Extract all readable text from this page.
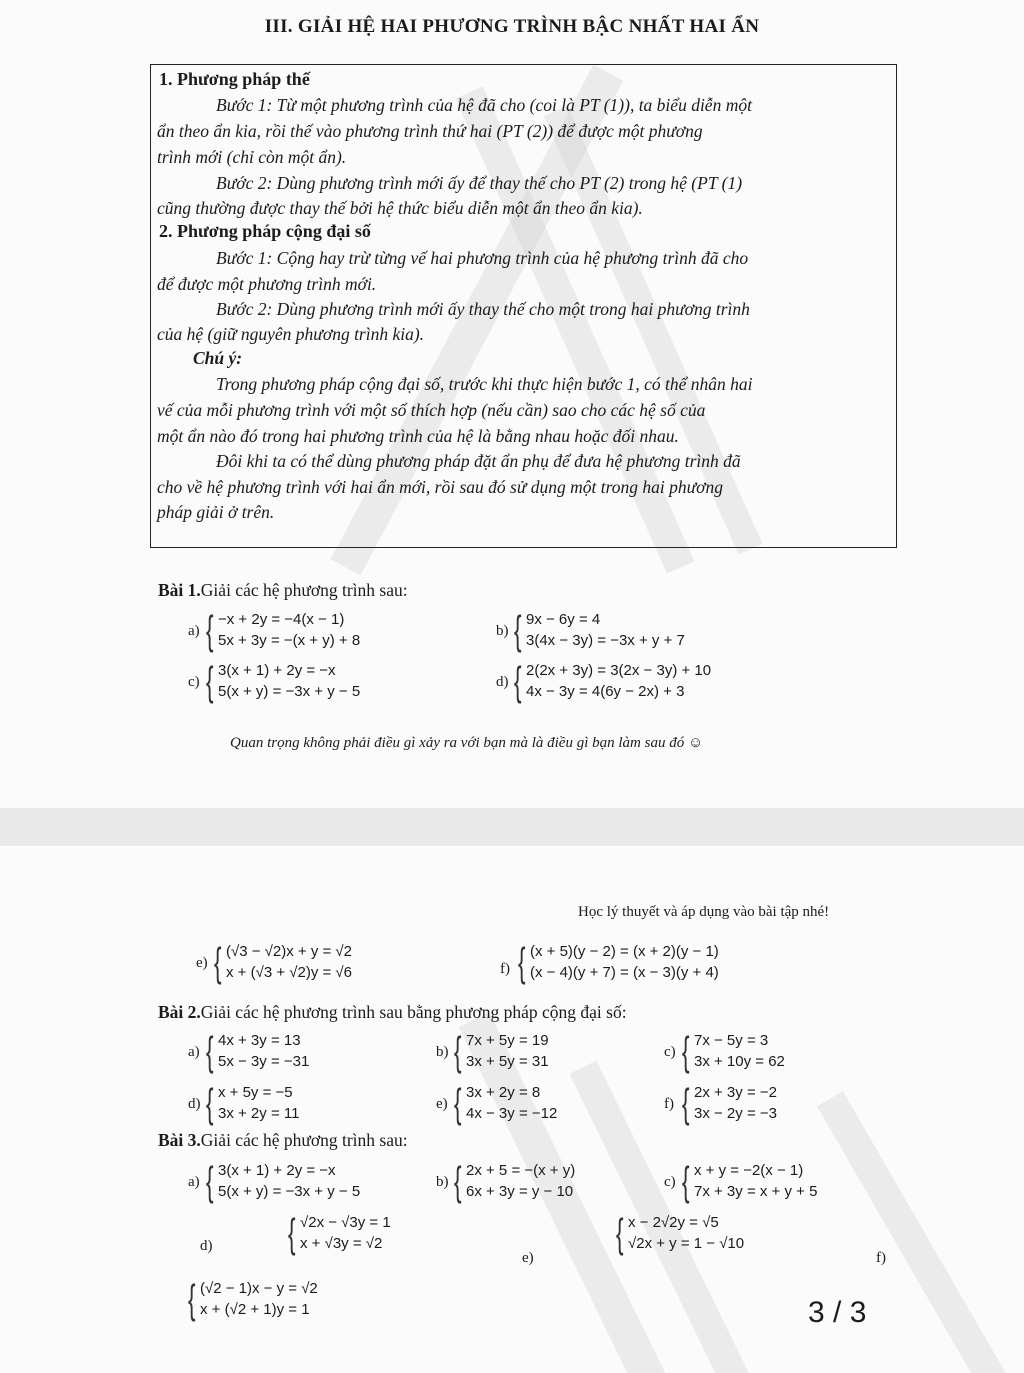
III. GIẢI HỆ HAI PHƯƠNG TRÌNH BẬC NHẤT HAI ẨN
1. Phương pháp thế
Bước 1: Từ một phương trình của hệ đã cho (coi là PT (1)), ta biểu diễn một
ẩn theo ẩn kia, rồi thế vào phương trình thứ hai (PT (2)) để được một phương
trình mới (chỉ còn một ẩn).
Bước 2: Dùng phương trình mới ấy để thay thế cho PT (2) trong hệ (PT (1)
cũng thường được thay thế bởi hệ thức biểu diễn một ẩn theo ẩn kia).
2. Phương pháp cộng đại số
Bước 1: Cộng hay trừ từng vế hai phương trình của hệ phương trình đã cho
để được một phương trình mới.
Bước 2: Dùng phương trình mới ấy thay thế cho một trong hai phương trình
của hệ (giữ nguyên phương trình kia).
Chú ý:
Trong phương pháp cộng đại số, trước khi thực hiện bước 1, có thể nhân hai
vế của mỗi phương trình với một số thích hợp (nếu cần) sao cho các hệ số của
một ẩn nào đó trong hai phương trình của hệ là bằng nhau hoặc đối nhau.
Đôi khi ta có thể dùng phương pháp đặt ẩn phụ để đưa hệ phương trình đã
cho về hệ phương trình với hai ẩn mới, rồi sau đó sử dụng một trong hai phương
pháp giải ở trên.
Bài 1.Giải các hệ phương trình sau:
a) { −x + 2y = −4(x − 1)
5x + 3y = −(x + y) + 8
b) { 9x − 6y = 4
3(4x − 3y) = −3x + y + 7
c) { 3(x + 1) + 2y = −x
5(x + y) = −3x + y − 5
d) { 2(2x + 3y) = 3(2x − 3y) + 10
4x − 3y = 4(6y − 2x) + 3
Quan trọng không phải điều gì xảy ra với bạn mà là điều gì bạn làm sau đó ☺
Học lý thuyết và áp dụng vào bài tập nhé!
e) { (√3 − √2)x + y = √2
x + (√3 + √2)y = √6	f) { (x + 5)(y − 2) = (x + 2)(y − 1)
(x − 4)(y + 7) = (x − 3)(y + 4)
Bài 2.Giải các hệ phương trình sau bằng phương pháp cộng đại số:
a) { 4x + 3y = 13
5x − 3y = −31
b) { 7x + 5y = 19
3x + 5y = 31
c) { 7x − 5y = 3
3x + 10y = 62
d) { x + 5y = −5
3x + 2y = 11
e) { 3x + 2y = 8
4x − 3y = −12
f) { 2x + 3y = −2
3x − 2y = −3
Bài 3.Giải các hệ phương trình sau:
a) { 3(x + 1) + 2y = −x
5(x + y) = −3x + y − 5
b) { 2x + 5 = −(x + y)
6x + 3y = y − 10
c) { x + y = −2(x − 1)
7x + 3y = x + y + 5
d) { √2x − √3y = 1
x + √3y = √2
e)
{ x − 2√2y = √5
√2x + y = 1 − √10
f)
{ (√2 − 1)x − y = √2
x + (√2 + 1)y = 1	3 / 3
